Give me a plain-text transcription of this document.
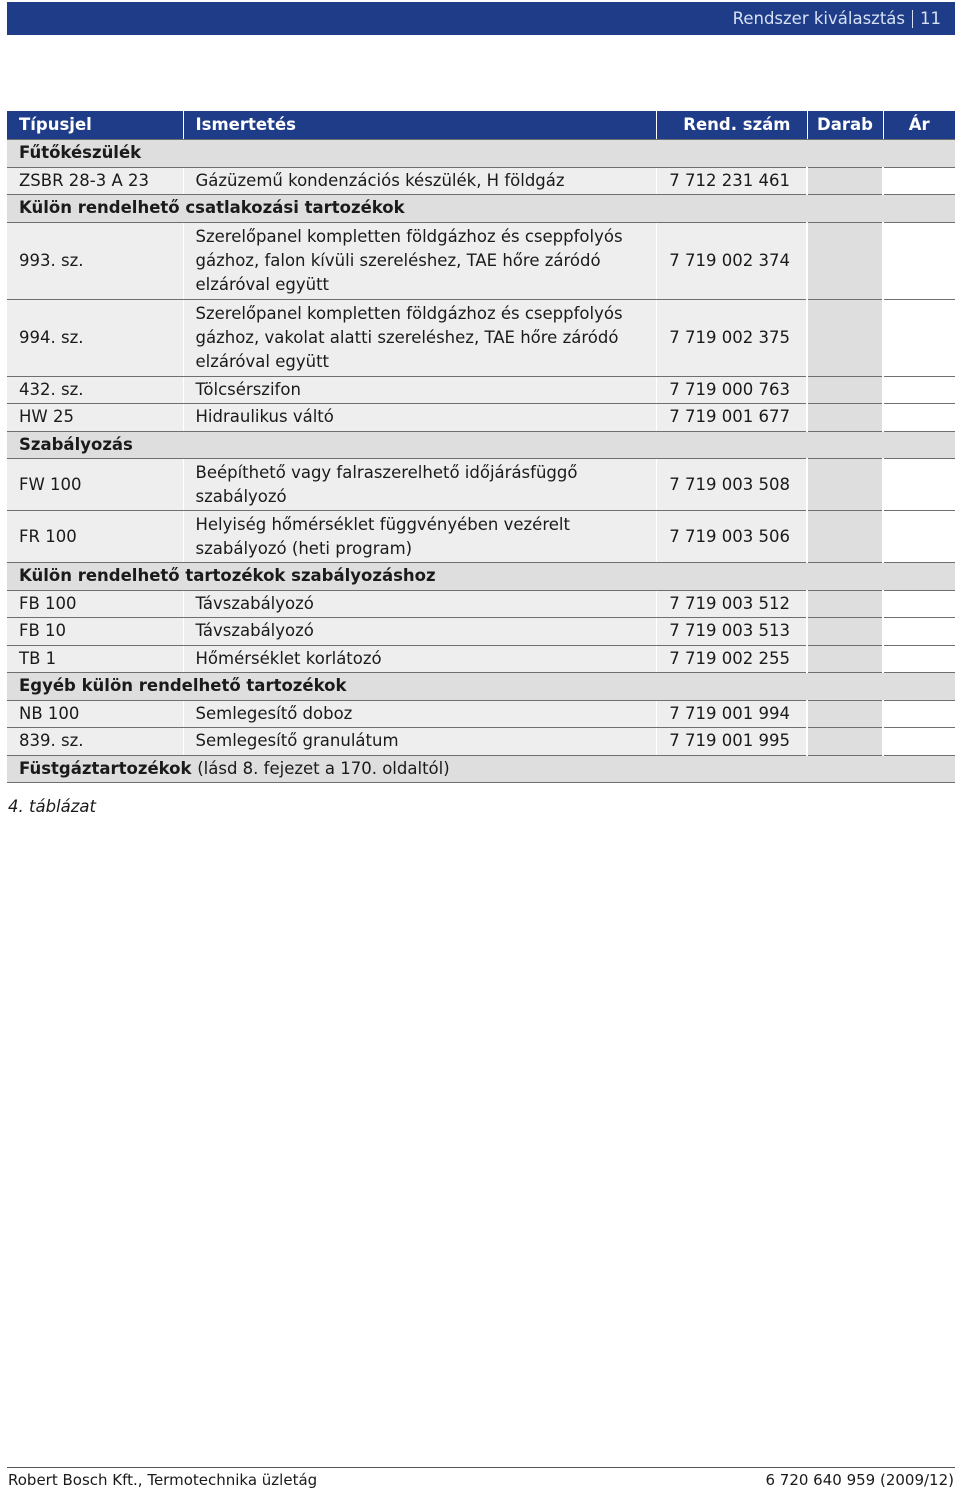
Rendszer kiválasztás 11
Típusjel	Ismertetés	Rend. szám	Darab	Ár
Fűtőkészülék				
ZSBR 28-3 A 23	Gázüzemű kondenzációs készülék, H földgáz	7 712 231 461		
Külön rendelhető csatlakozási tartozékok				
993. sz.	Szerelőpanel kompletten földgázhoz és cseppfolyós gázhoz, falon kívüli szereléshez, TAE hőre záródó elzáróval együtt	7 719 002 374		
994. sz.	Szerelőpanel kompletten földgázhoz és cseppfolyós gázhoz, vakolat alatti szereléshez, TAE hőre záródó elzáróval együtt	7 719 002 375		
432. sz.	Tölcsérszifon	7 719 000 763		
HW 25	Hidraulikus váltó	7 719 001 677		
Szabályozás				
FW 100	Beépíthető vagy falraszerelhető időjárásfüggő szabályozó	7 719 003 508		
FR 100	Helyiség hőmérséklet függvényében vezérelt szabályozó (heti program)	7 719 003 506		
Külön rendelhető tartozékok szabályozáshoz				
FB 100	Távszabályozó	7 719 003 512		
FB 10	Távszabályozó	7 719 003 513		
TB 1	Hőmérséklet korlátozó	7 719 002 255		
Egyéb külön rendelhető tartozékok				
NB 100	Semlegesítő doboz	7 719 001 994		
839. sz.	Semlegesítő granulátum	7 719 001 995		
Füstgáztartozékok (lásd 8. fejezet a 170. oldaltól)				
4. táblázat
Robert Bosch Kft., Termotechnika üzletág	6 720 640 959 (2009/12)
